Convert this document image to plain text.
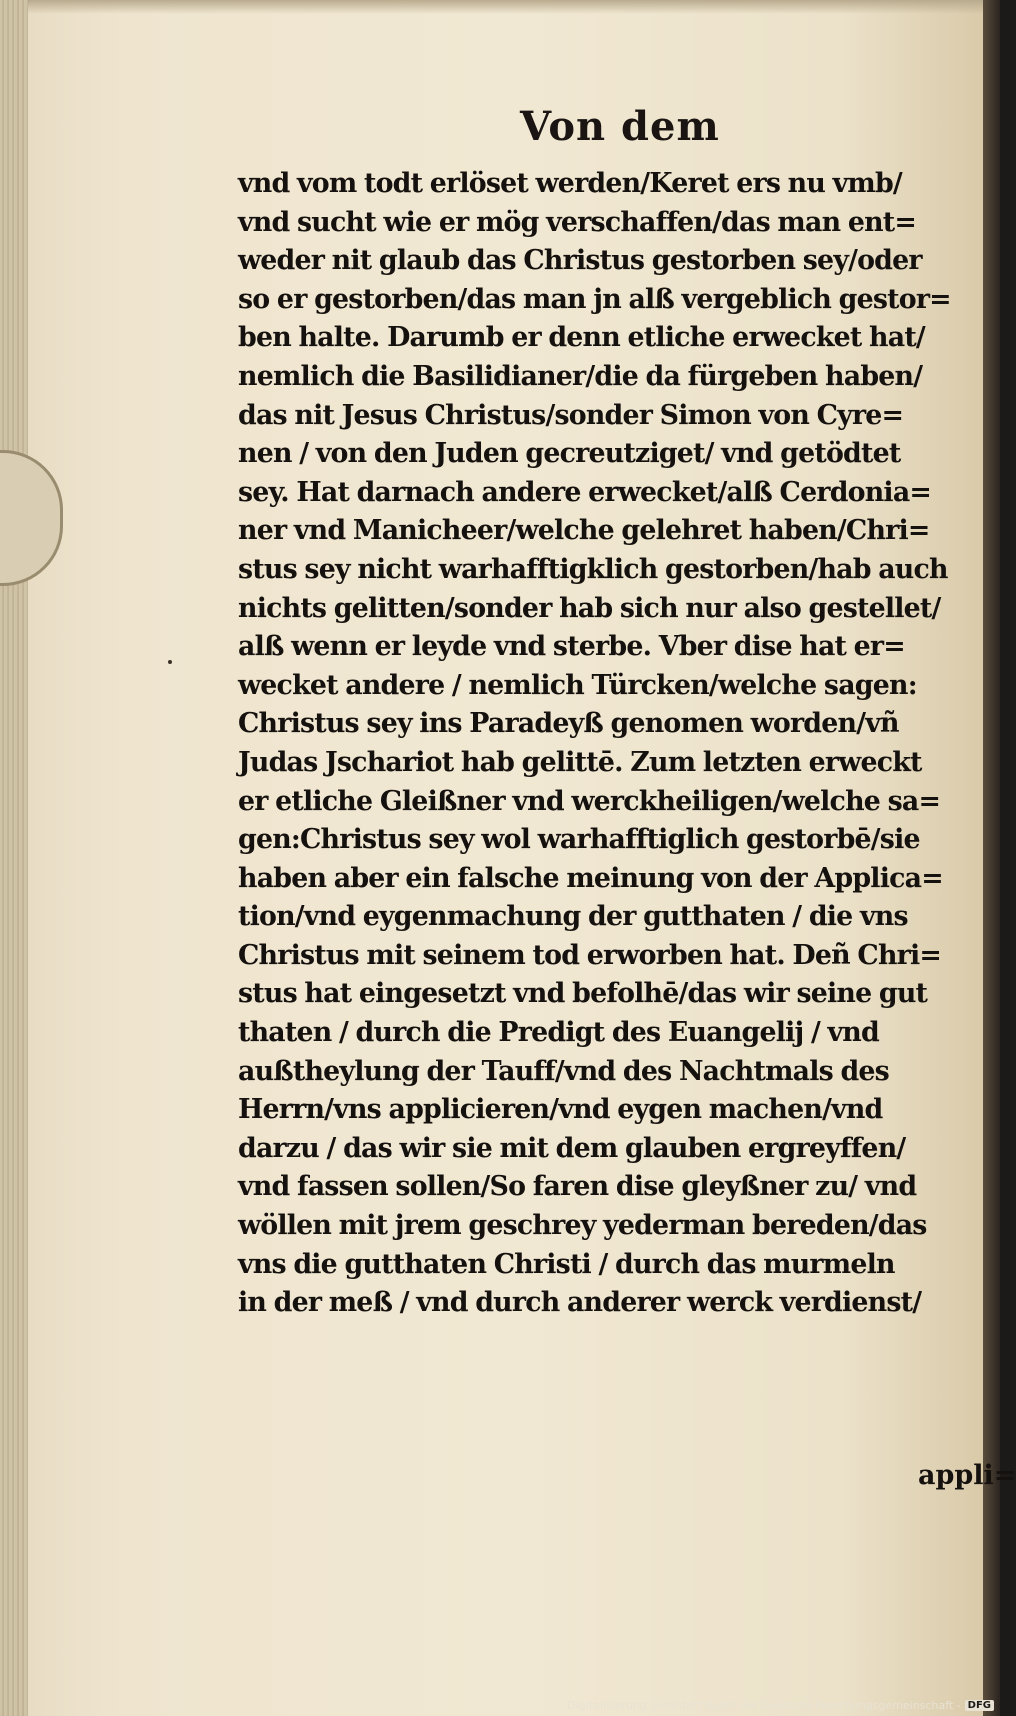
Von dem
vnd vom todt erlöset werden/Keret ers nu vmb/
vnd sucht wie er mög verschaffen/das man ent=
weder nit glaub das Christus gestorben sey/oder
so er gestorben/das man jn alß vergeblich gestor=
ben halte. Darumb er denn etliche erwecket hat/
nemlich die Basilidianer/die da fürgeben haben/
das nit Jesus Christus/sonder Simon von Cyre=
nen / von den Juden gecreutziget/ vnd getödtet
sey. Hat darnach andere erwecket/alß Cerdonia=
ner vnd Manicheer/welche gelehret haben/Chri=
stus sey nicht warhafftigklich gestorben/hab auch
nichts gelitten/sonder hab sich nur also gestellet/
alß wenn er leyde vnd sterbe. Vber dise hat er=
wecket andere / nemlich Türcken/welche sagen:
Christus sey ins Paradeyß genomen worden/vñ
Judas Jschariot hab gelittē. Zum letzten erweckt
er etliche Gleißner vnd werckheiligen/welche sa=
gen:Christus sey wol warhafftiglich gestorbē/sie
haben aber ein falsche meinung von der Applica=
tion/vnd eygenmachung der gutthaten / die vns
Christus mit seinem tod erworben hat. Deñ Chri=
stus hat eingesetzt vnd befolhē/das wir seine gut
thaten / durch die Predigt des Euangelij / vnd
außtheylung der Tauff/vnd des Nachtmals des
Herrn/vns applicieren/vnd eygen machen/vnd
darzu / das wir sie mit dem glauben ergreyffen/
vnd fassen sollen/So faren dise gleyßner zu/ vnd
wöllen mit jrem geschrey yederman bereden/das
vns die gutthaten Christi / durch das murmeln
in der meß / vnd durch anderer werck verdienst/
appli=
Digitalisierung gefördert durch die Deutsche Forschungsgemeinschaft - DFG
